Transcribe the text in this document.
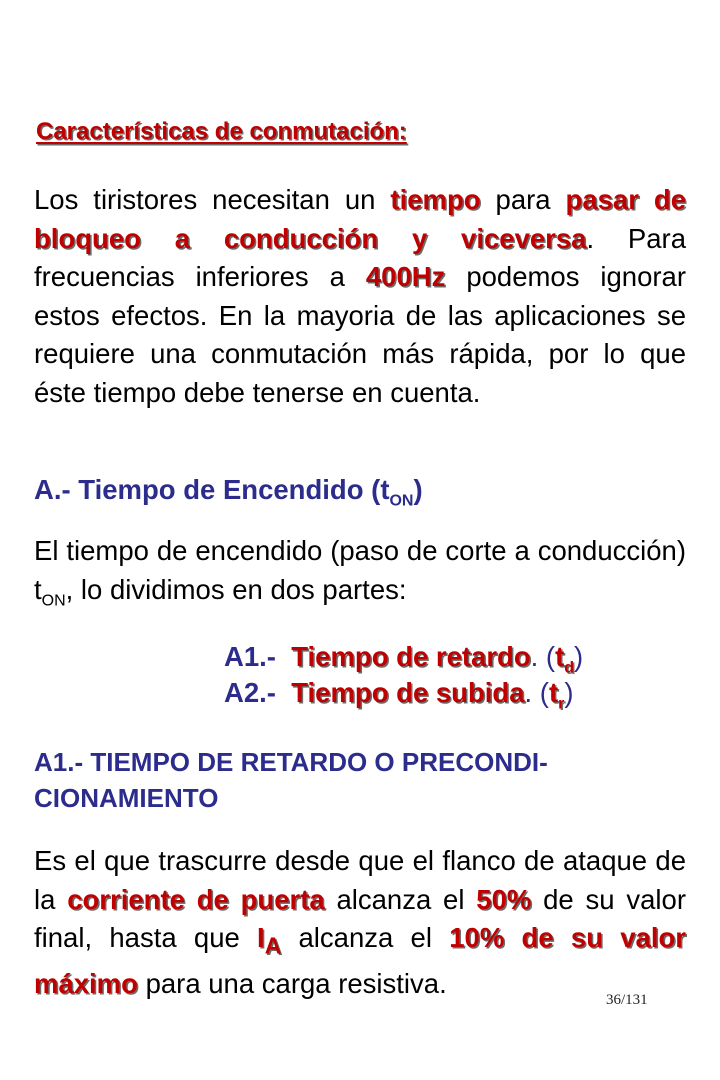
Características de conmutación:
Los tiristores necesitan un tiempo para pasar de bloqueo a conducción y viceversa. Para frecuencias inferiores a 400Hz podemos ignorar estos efectos. En la mayoria de las aplicaciones se requiere una conmutación más rápida, por lo que éste tiempo debe tenerse en cuenta.
A.- Tiempo de Encendido $(t_{ON})$
El tiempo de encendido (paso de corte a conducción) $t_{ON}$, lo dividimos en dos partes:
A1.- Tiempo de retardo. $(t_d)$
A2.- Tiempo de subida. $(t_r)$
A1.- TIEMPO DE RETARDO O PRECONDI-CIONAMIENTO
Es el que trascurre desde que el flanco de ataque de la corriente de puerta alcanza el 50% de su valor final, hasta que $I_A$ alcanza el 10% de su valor máximo para una carga resistiva.
36/131
